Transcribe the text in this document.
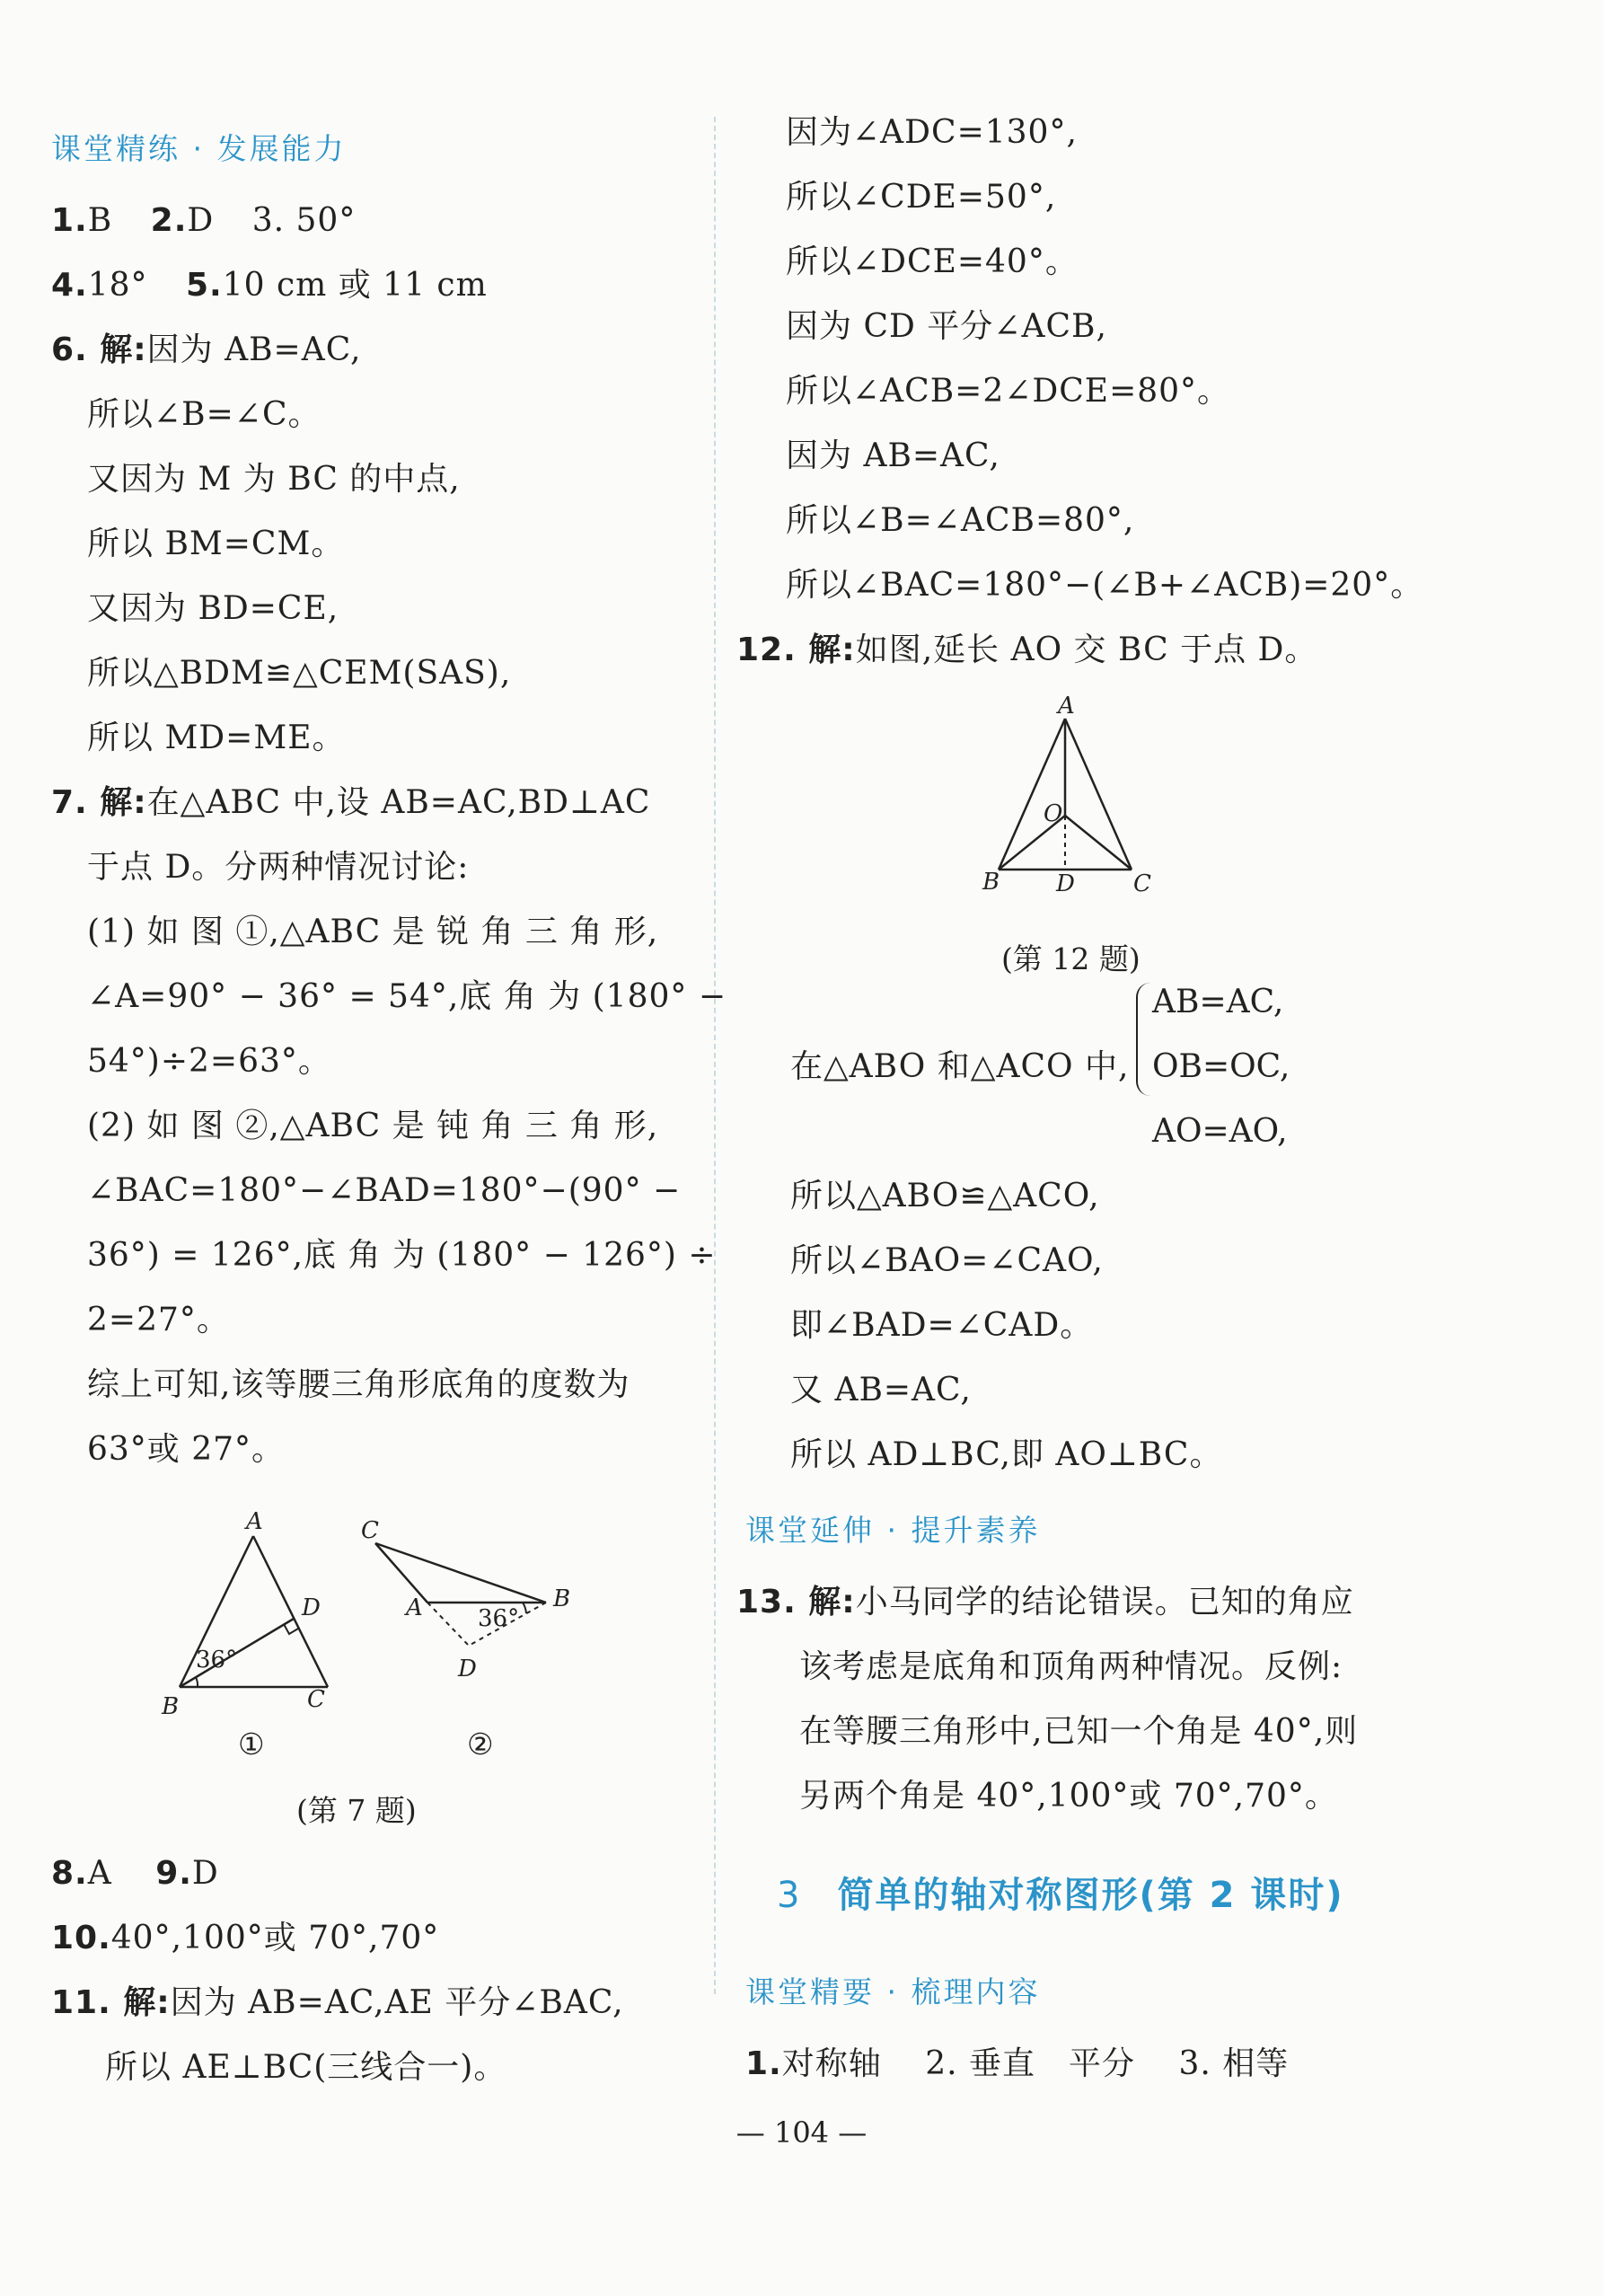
课堂精练 · 发展能力
1.B 2.D 3. 50°
4.18° 5.10 cm 或 11 cm
6. 解:因为 AB=AC,
所以∠B=∠C。
又因为 M 为 BC 的中点,
所以 BM=CM。
又因为 BD=CE,
所以△BDM≌△CEM(SAS),
所以 MD=ME。
7. 解:在△ABC 中,设 AB=AC,BD⊥AC
于点 D。分两种情况讨论:
(1) 如 图 ①,△ABC 是 锐 角 三 角 形,
∠A=90° − 36° = 54°,底 角 为 (180° −
54°)÷2=63°。
(2) 如 图 ②,△ABC 是 钝 角 三 角 形,
∠BAC=180°−∠BAD=180°−(90° −
36°) = 126°,底 角 为 (180° − 126°) ÷
2=27°。
综上可知,该等腰三角形底角的度数为
63°或 27°。
A
B	C
D
36°
①
C
A	B
D
36°
②
(第 7 题)
8.A 9.D
10.40°,100°或 70°,70°
11. 解:因为 AB=AC,AE 平分∠BAC,
所以 AE⊥BC(三线合一)。
因为∠ADC=130°,
所以∠CDE=50°,
所以∠DCE=40°。
因为 CD 平分∠ACB,
所以∠ACB=2∠DCE=80°。
因为 AB=AC,
所以∠B=∠ACB=80°,
所以∠BAC=180°−(∠B+∠ACB)=20°。
12. 解:如图,延长 AO 交 BC 于点 D。
A
O
B D	C
(第 12 题)
在△ABO 和△ACO 中,
AB=AC,
OB=OC,
AO=AO,
所以△ABO≌△ACO,
所以∠BAO=∠CAO,
即∠BAD=∠CAD。
又 AB=AC,
所以 AD⊥BC,即 AO⊥BC。
课堂延伸 · 提升素养
13. 解:小马同学的结论错误。已知的角应
该考虑是底角和顶角两种情况。反例:
在等腰三角形中,已知一个角是 40°,则
另两个角是 40°,100°或 70°,70°。
3 简单的轴对称图形(第 2 课时)
课堂精要 · 梳理内容
1.对称轴 2. 垂直　平分 3. 相等
— 104 —
